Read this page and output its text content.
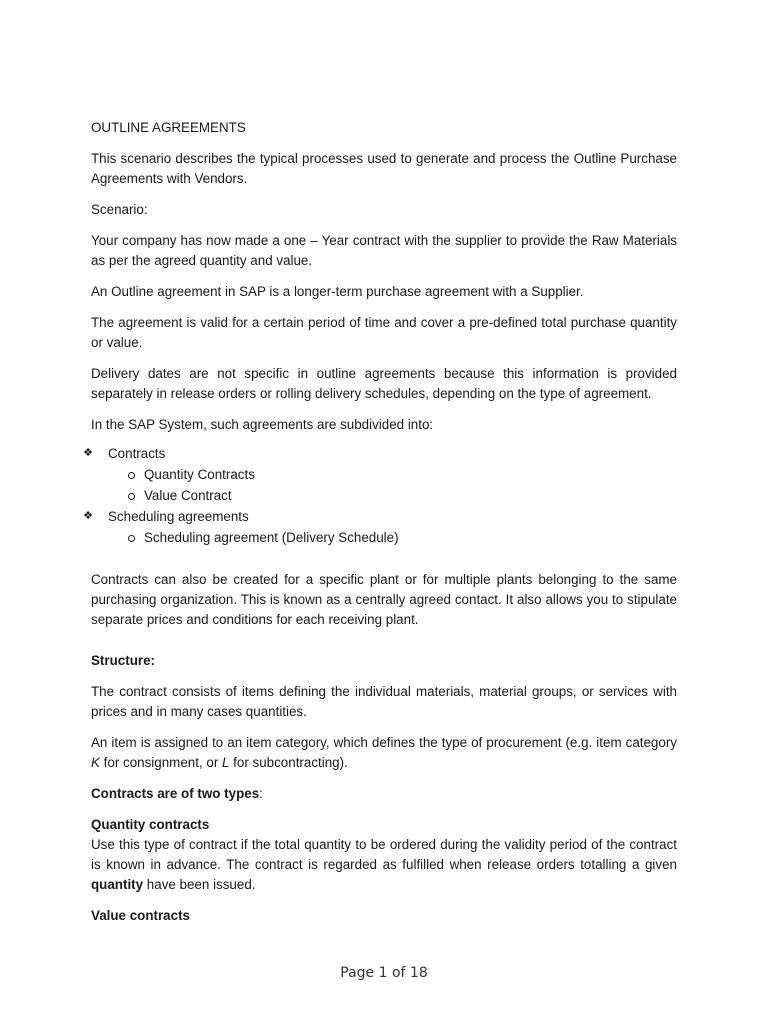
OUTLINE AGREEMENTS

This scenario describes the typical processes used to generate and process the Outline Purchase Agreements with Vendors.

Scenario:

Your company has now made a one – Year contract with the supplier to provide the Raw Materials as per the agreed quantity and value.

An Outline agreement in SAP is a longer-term purchase agreement with a Supplier.

The agreement is valid for a certain period of time and cover a pre-defined total purchase quantity or value.

Delivery dates are not specific in outline agreements because this information is provided separately in release orders or rolling delivery schedules, depending on the type of agreement.

In the SAP System, such agreements are subdivided into:

❖ Contracts
Quantity Contracts
Value Contract
❖ Scheduling agreements
Scheduling agreement (Delivery Schedule)

Contracts can also be created for a specific plant or for multiple plants belonging to the same purchasing organization. This is known as a centrally agreed contact. It also allows you to stipulate separate prices and conditions for each receiving plant.

Structure:

The contract consists of items defining the individual materials, material groups, or services with prices and in many cases quantities.

An item is assigned to an item category, which defines the type of procurement (e.g. item category K for consignment, or L for subcontracting).

Contracts are of two types:

Quantity contracts

Use this type of contract if the total quantity to be ordered during the validity period of the contract is known in advance. The contract is regarded as fulfilled when release orders totalling a given quantity have been issued.

Value contracts

Page 1 of 18
